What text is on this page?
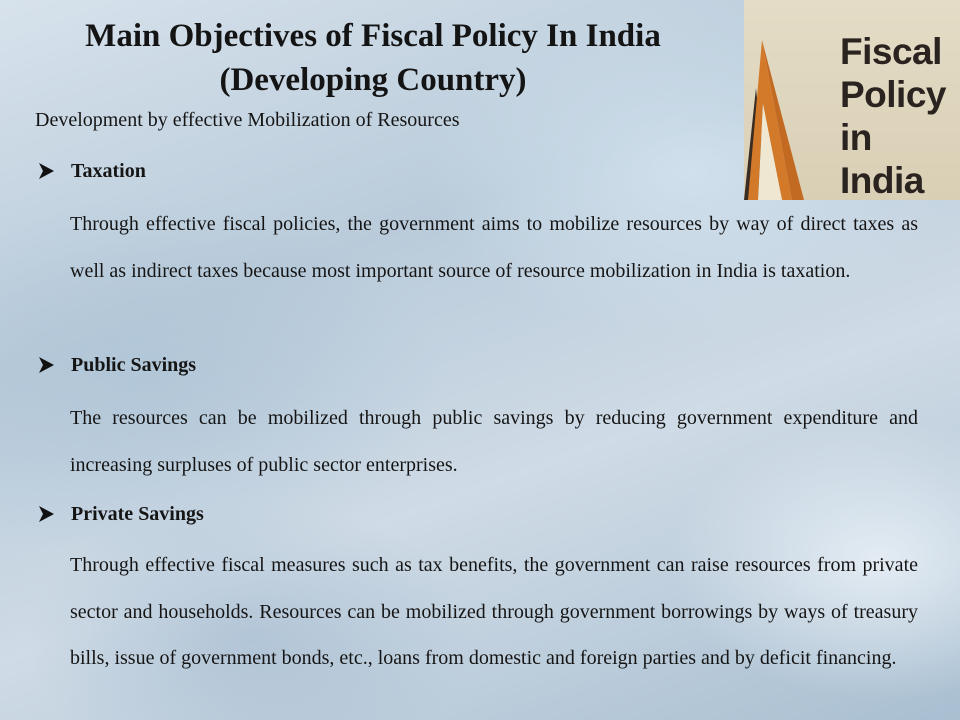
Main Objectives of Fiscal Policy In India
(Developing Country)
Fiscal
Policy
in
India

Development by effective Mobilization of Resources

Taxation

Through effective fiscal policies, the government aims to mobilize resources by way of direct taxes as well as indirect taxes because most important source of resource mobilization in India is taxation.

Public Savings

The resources can be mobilized through public savings by reducing government expenditure and increasing surpluses of public sector enterprises.

Private Savings

Through effective fiscal measures such as tax benefits, the government can raise resources from private sector and households. Resources can be mobilized through government borrowings by ways of treasury bills, issue of government bonds, etc., loans from domestic and foreign parties and by deficit financing.
